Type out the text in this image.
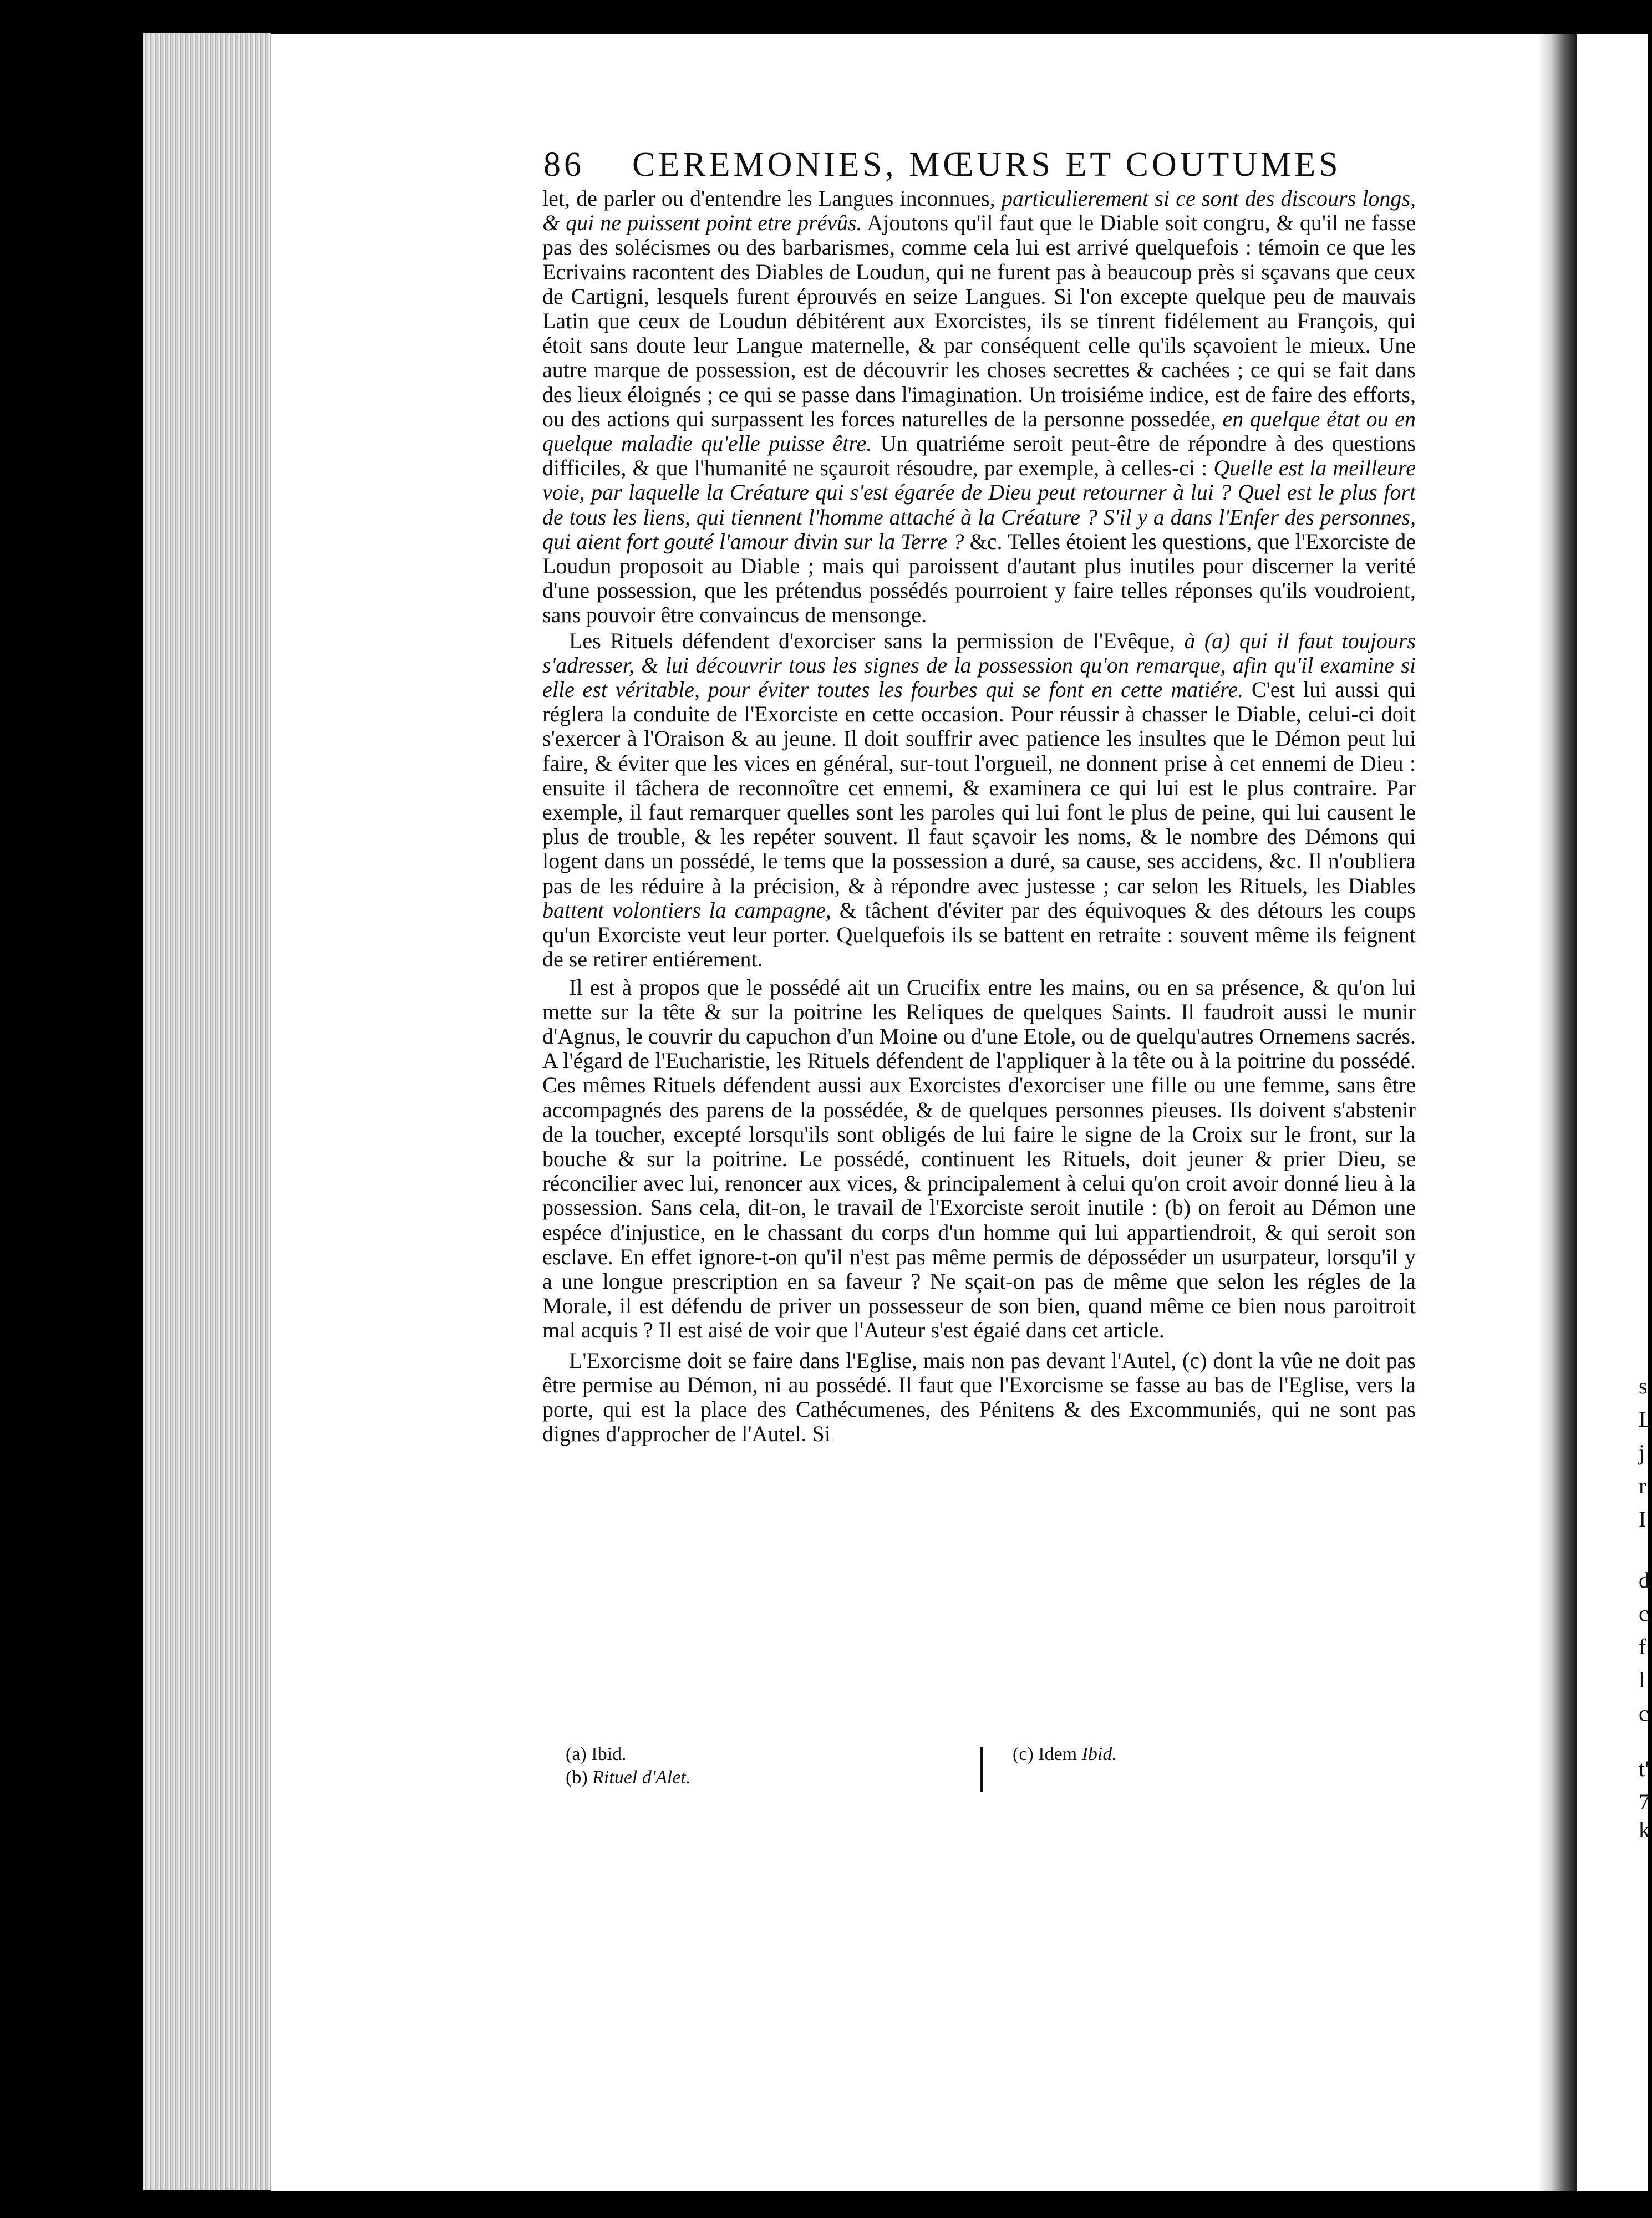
s
L
j
r
I
d
c
f
l
c
t'
7
k
86 CEREMONIES, MŒURS ET COUTUMES

let, de parler ou d'entendre les Langues inconnues, particulierement si ce sont des discours longs, & qui ne puissent point etre prévûs. Ajoutons qu'il faut que le Diable soit congru, & qu'il ne fasse pas des solécismes ou des barbarismes, comme cela lui est arrivé quelquefois : témoin ce que les Ecrivains racontent des Diables de Loudun, qui ne furent pas à beaucoup près si sçavans que ceux de Cartigni, lesquels furent éprouvés en seize Langues. Si l'on excepte quelque peu de mauvais Latin que ceux de Loudun débitérent aux Exorcistes, ils se tinrent fidélement au François, qui étoit sans doute leur Langue maternelle, & par conséquent celle qu'ils sçavoient le mieux. Une autre marque de possession, est de découvrir les choses secrettes & cachées ; ce qui se fait dans des lieux éloignés ; ce qui se passe dans l'imagination. Un troisiéme indice, est de faire des efforts, ou des actions qui surpassent les forces naturelles de la personne possedée, en quelque état ou en quelque maladie qu'elle puisse être. Un quatriéme seroit peut-être de répondre à des questions difficiles, & que l'humanité ne sçauroit résoudre, par exemple, à celles-ci : Quelle est la meilleure voie, par laquelle la Créature qui s'est égarée de Dieu peut retourner à lui ? Quel est le plus fort de tous les liens, qui tiennent l'homme attaché à la Créature ? S'il y a dans l'Enfer des personnes, qui aient fort gouté l'amour divin sur la Terre ? &c. Telles étoient les questions, que l'Exorciste de Loudun proposoit au Diable ; mais qui paroissent d'autant plus inutiles pour discerner la verité d'une possession, que les prétendus possédés pourroient y faire telles réponses qu'ils voudroient, sans pouvoir être convaincus de mensonge.

Les Rituels défendent d'exorciser sans la permission de l'Evêque, à (a) qui il faut toujours s'adresser, & lui découvrir tous les signes de la possession qu'on remarque, afin qu'il examine si elle est véritable, pour éviter toutes les fourbes qui se font en cette matiére. C'est lui aussi qui réglera la conduite de l'Exorciste en cette occasion. Pour réussir à chasser le Diable, celui-ci doit s'exercer à l'Oraison & au jeune. Il doit souffrir avec patience les insultes que le Démon peut lui faire, & éviter que les vices en général, sur-tout l'orgueil, ne donnent prise à cet ennemi de Dieu : ensuite il tâchera de reconnoître cet ennemi, & examinera ce qui lui est le plus contraire. Par exemple, il faut remarquer quelles sont les paroles qui lui font le plus de peine, qui lui causent le plus de trouble, & les repéter souvent. Il faut sçavoir les noms, & le nombre des Démons qui logent dans un possédé, le tems que la possession a duré, sa cause, ses accidens, &c. Il n'oubliera pas de les réduire à la précision, & à répondre avec justesse ; car selon les Rituels, les Diables battent volontiers la campagne, & tâchent d'éviter par des équivoques & des détours les coups qu'un Exorciste veut leur porter. Quelquefois ils se battent en retraite : souvent même ils feignent de se retirer entiérement.

Il est à propos que le possédé ait un Crucifix entre les mains, ou en sa présence, & qu'on lui mette sur la tête & sur la poitrine les Reliques de quelques Saints. Il faudroit aussi le munir d'Agnus, le couvrir du capuchon d'un Moine ou d'une Etole, ou de quelqu'autres Ornemens sacrés. A l'égard de l'Eucharistie, les Rituels défendent de l'appliquer à la tête ou à la poitrine du possédé. Ces mêmes Rituels défendent aussi aux Exorcistes d'exorciser une fille ou une femme, sans être accompagnés des parens de la possédée, & de quelques personnes pieuses. Ils doivent s'abstenir de la toucher, excepté lorsqu'ils sont obligés de lui faire le signe de la Croix sur le front, sur la bouche & sur la poitrine. Le possédé, continuent les Rituels, doit jeuner & prier Dieu, se réconcilier avec lui, renoncer aux vices, & principalement à celui qu'on croit avoir donné lieu à la possession. Sans cela, dit-on, le travail de l'Exorciste seroit inutile : (b) on feroit au Démon une espéce d'injustice, en le chassant du corps d'un homme qui lui appartiendroit, & qui seroit son esclave. En effet ignore-t-on qu'il n'est pas même permis de déposséder un usurpateur, lorsqu'il y a une longue prescription en sa faveur ? Ne sçait-on pas de même que selon les régles de la Morale, il est défendu de priver un possesseur de son bien, quand même ce bien nous paroitroit mal acquis ? Il est aisé de voir que l'Auteur s'est égaié dans cet article.

L'Exorcisme doit se faire dans l'Eglise, mais non pas devant l'Autel, (c) dont la vûe ne doit pas être permise au Démon, ni au possédé. Il faut que l'Exorcisme se fasse au bas de l'Eglise, vers la porte, qui est la place des Cathécumenes, des Pénitens & des Excommuniés, qui ne sont pas dignes d'approcher de l'Autel. Si

(a) Ibid.
(b) Rituel d'Alet.
(c) Idem Ibid.
